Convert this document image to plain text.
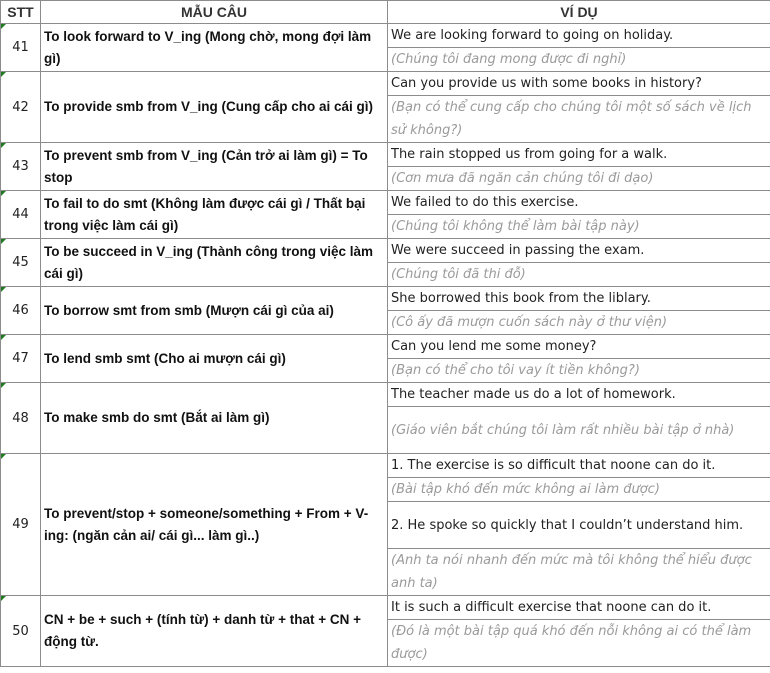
STT	MẪU CÂU	VÍ DỤ

41	To look forward to V_ing (Mong chờ, mong đợi làm gì)	We are looking forward to going on holiday.
		(Chúng tôi đang mong được đi nghỉ)

42	To provide smb from V_ing (Cung cấp cho ai cái gì)	Can you provide us with some books in history?
		(Bạn có thể cung cấp cho chúng tôi một số sách về lịch sử không?)

43	To prevent smb from V_ing (Cản trở ai làm gì) = To stop	The rain stopped us from going for a walk.
		(Cơn mưa đã ngăn cản chúng tôi đi dạo)

44	To fail to do smt (Không làm được cái gì / Thất bại trong việc làm cái gì)	We failed to do this exercise.
		(Chúng tôi không thể làm bài tập này)

45	To be succeed in V_ing (Thành công trong việc làm cái gì)	We were succeed in passing the exam.
		(Chúng tôi đã thi đỗ)

46	To borrow smt from smb (Mượn cái gì của ai)	She borrowed this book from the liblary.
		(Cô ấy đã mượn cuốn sách này ở thư viện)

47	To lend smb smt (Cho ai mượn cái gì)	Can you lend me some money?
		(Bạn có thể cho tôi vay ít tiền không?)

48	To make smb do smt (Bắt ai làm gì)	The teacher made us do a lot of homework.
		(Giáo viên bắt chúng tôi làm rất nhiều bài tập ở nhà)

49	To prevent/stop + someone/something + From + V-ing: (ngăn cản ai/ cái gì... làm gì..)	1. The exercise is so difficult that noone can do it.
		(Bài tập khó đến mức không ai làm được)
		2. He spoke so quickly that I couldn’t understand him.
		(Anh ta nói nhanh đến mức mà tôi không thể hiểu được anh ta)

50	CN + be + such + (tính từ) + danh từ + that + CN + động từ.	It is such a difficult exercise that noone can do it.
		(Đó là một bài tập quá khó đến nỗi không ai có thể làm được)
